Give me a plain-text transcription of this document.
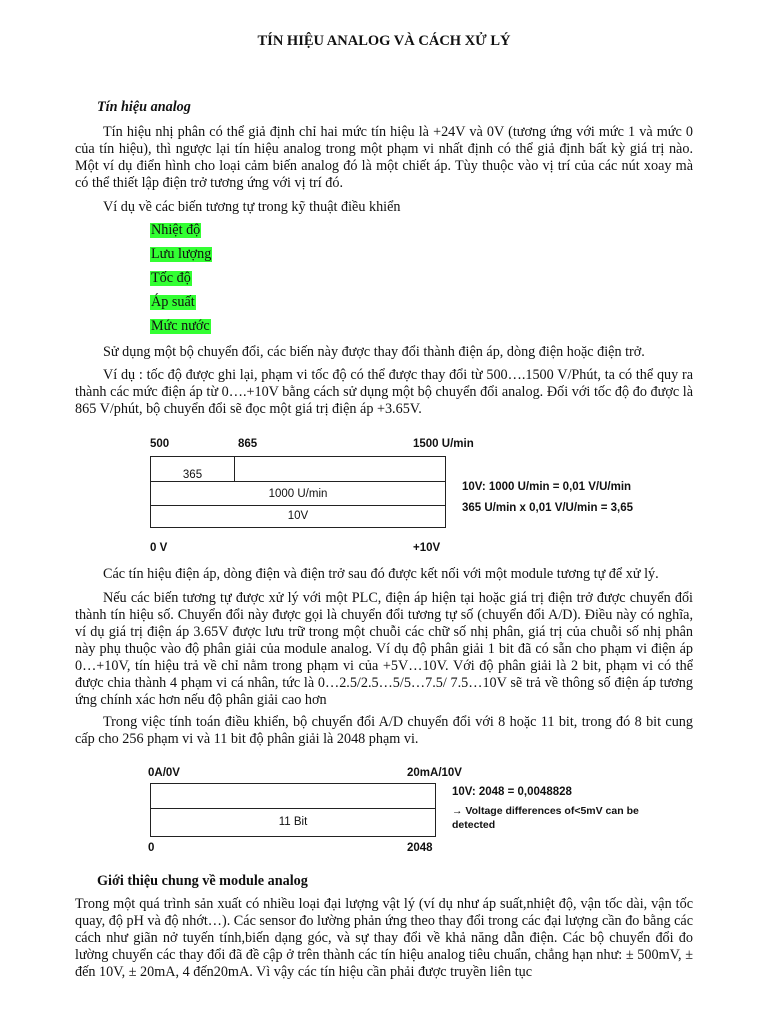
TÍN HIỆU ANALOG VÀ CÁCH XỬ LÝ
Tín hiệu analog

Tín hiệu nhị phân có thể giả định chỉ hai mức tín hiệu là +24V và 0V (tương ứng với mức 1 và mức 0 của tín hiệu), thì ngược lại tín hiệu analog trong một phạm vi nhất định có thể giả định bất kỳ giá trị nào. Một ví dụ điển hình cho loại cảm biến analog đó là một chiết áp. Tùy thuộc vào vị trí của các nút xoay mà có thể thiết lập điện trở tương ứng với vị trí đó.

Ví dụ về các biến tương tự trong kỹ thuật điều khiển

Nhiệt độ
Lưu lượng
Tốc độ
Áp suất
Mức nước

Sử dụng một bộ chuyển đổi, các biến này được thay đổi thành điện áp, dòng điện hoặc điện trở.

Ví dụ : tốc độ được ghi lại, phạm vi tốc độ có thể được thay đổi từ 500….1500 V/Phút, ta có thể quy ra thành các mức điện áp từ 0….+10V bằng cách sử dụng một bộ chuyển đổi analog. Đối với tốc độ đo được là 865 V/phút, bộ chuyển đổi sẽ đọc một giá trị điện áp +3.65V.

500	865	1500 U/min
365
1000 U/min
10V
0 V	+10V
10V: 1000 U/min = 0,01 V/U/min
365 U/min x 0,01 V/U/min = 3,65

Các tín hiệu điện áp, dòng điện và điện trở sau đó được kết nối với một module tương tự để xử lý.

Nếu các biến tương tự được xử lý với một PLC, điện áp hiện tại hoặc giá trị điện trở được chuyển đổi thành tín hiệu số. Chuyển đổi này được gọi là chuyển đổi tương tự số (chuyển đổi A/D). Điều này có nghĩa, ví dụ giá trị điện áp 3.65V được lưu trữ trong một chuỗi các chữ số nhị phân, giá trị của chuỗi số nhị phân này phụ thuộc vào độ phân giải của module analog. Ví dụ độ phân giải 1 bit đã có sẵn cho phạm vi điện áp 0…+10V, tín hiệu trả về chỉ nằm trong phạm vi của +5V…10V. Với độ phân giải là 2 bit, phạm vi có thể được chia thành 4 phạm vi cá nhân, tức là 0…2.5/2.5…5/5…7.5/ 7.5…10V sẽ trả về thông số điện áp tương ứng chính xác hơn nếu độ phân giải cao hơn

Trong việc tính toán điều khiển, bộ chuyển đổi A/D chuyển đổi với 8 hoặc 11 bit, trong đó 8 bit cung cấp cho 256 phạm vi và 11 bit độ phân giải là 2048 phạm vi.

0A/0V	20mA/10V
11 Bit
0	2048
10V: 2048 = 0,0048828
→ Voltage differences of<5mV can be detected
Giới thiệu chung về module analog

Trong một quá trình sản xuất có nhiều loại đại lượng vật lý (ví dụ như áp suất,nhiệt độ, vận tốc dài, vận tốc quay, độ pH và độ nhớt…). Các sensor đo lường phản ứng theo thay đổi trong các đại lượng cần đo bằng các cách như giãn nở tuyến tính,biến dạng góc, và sự thay đổi về khả năng dẫn điện. Các bộ chuyển đổi đo lường chuyển các thay đổi đã đề cập ở trên thành các tín hiệu analog tiêu chuẩn, chẳng hạn như: ± 500mV, ± đến 10V, ± 20mA, 4 đến20mA. Vì vậy các tín hiệu cần phải được truyền liên tục
